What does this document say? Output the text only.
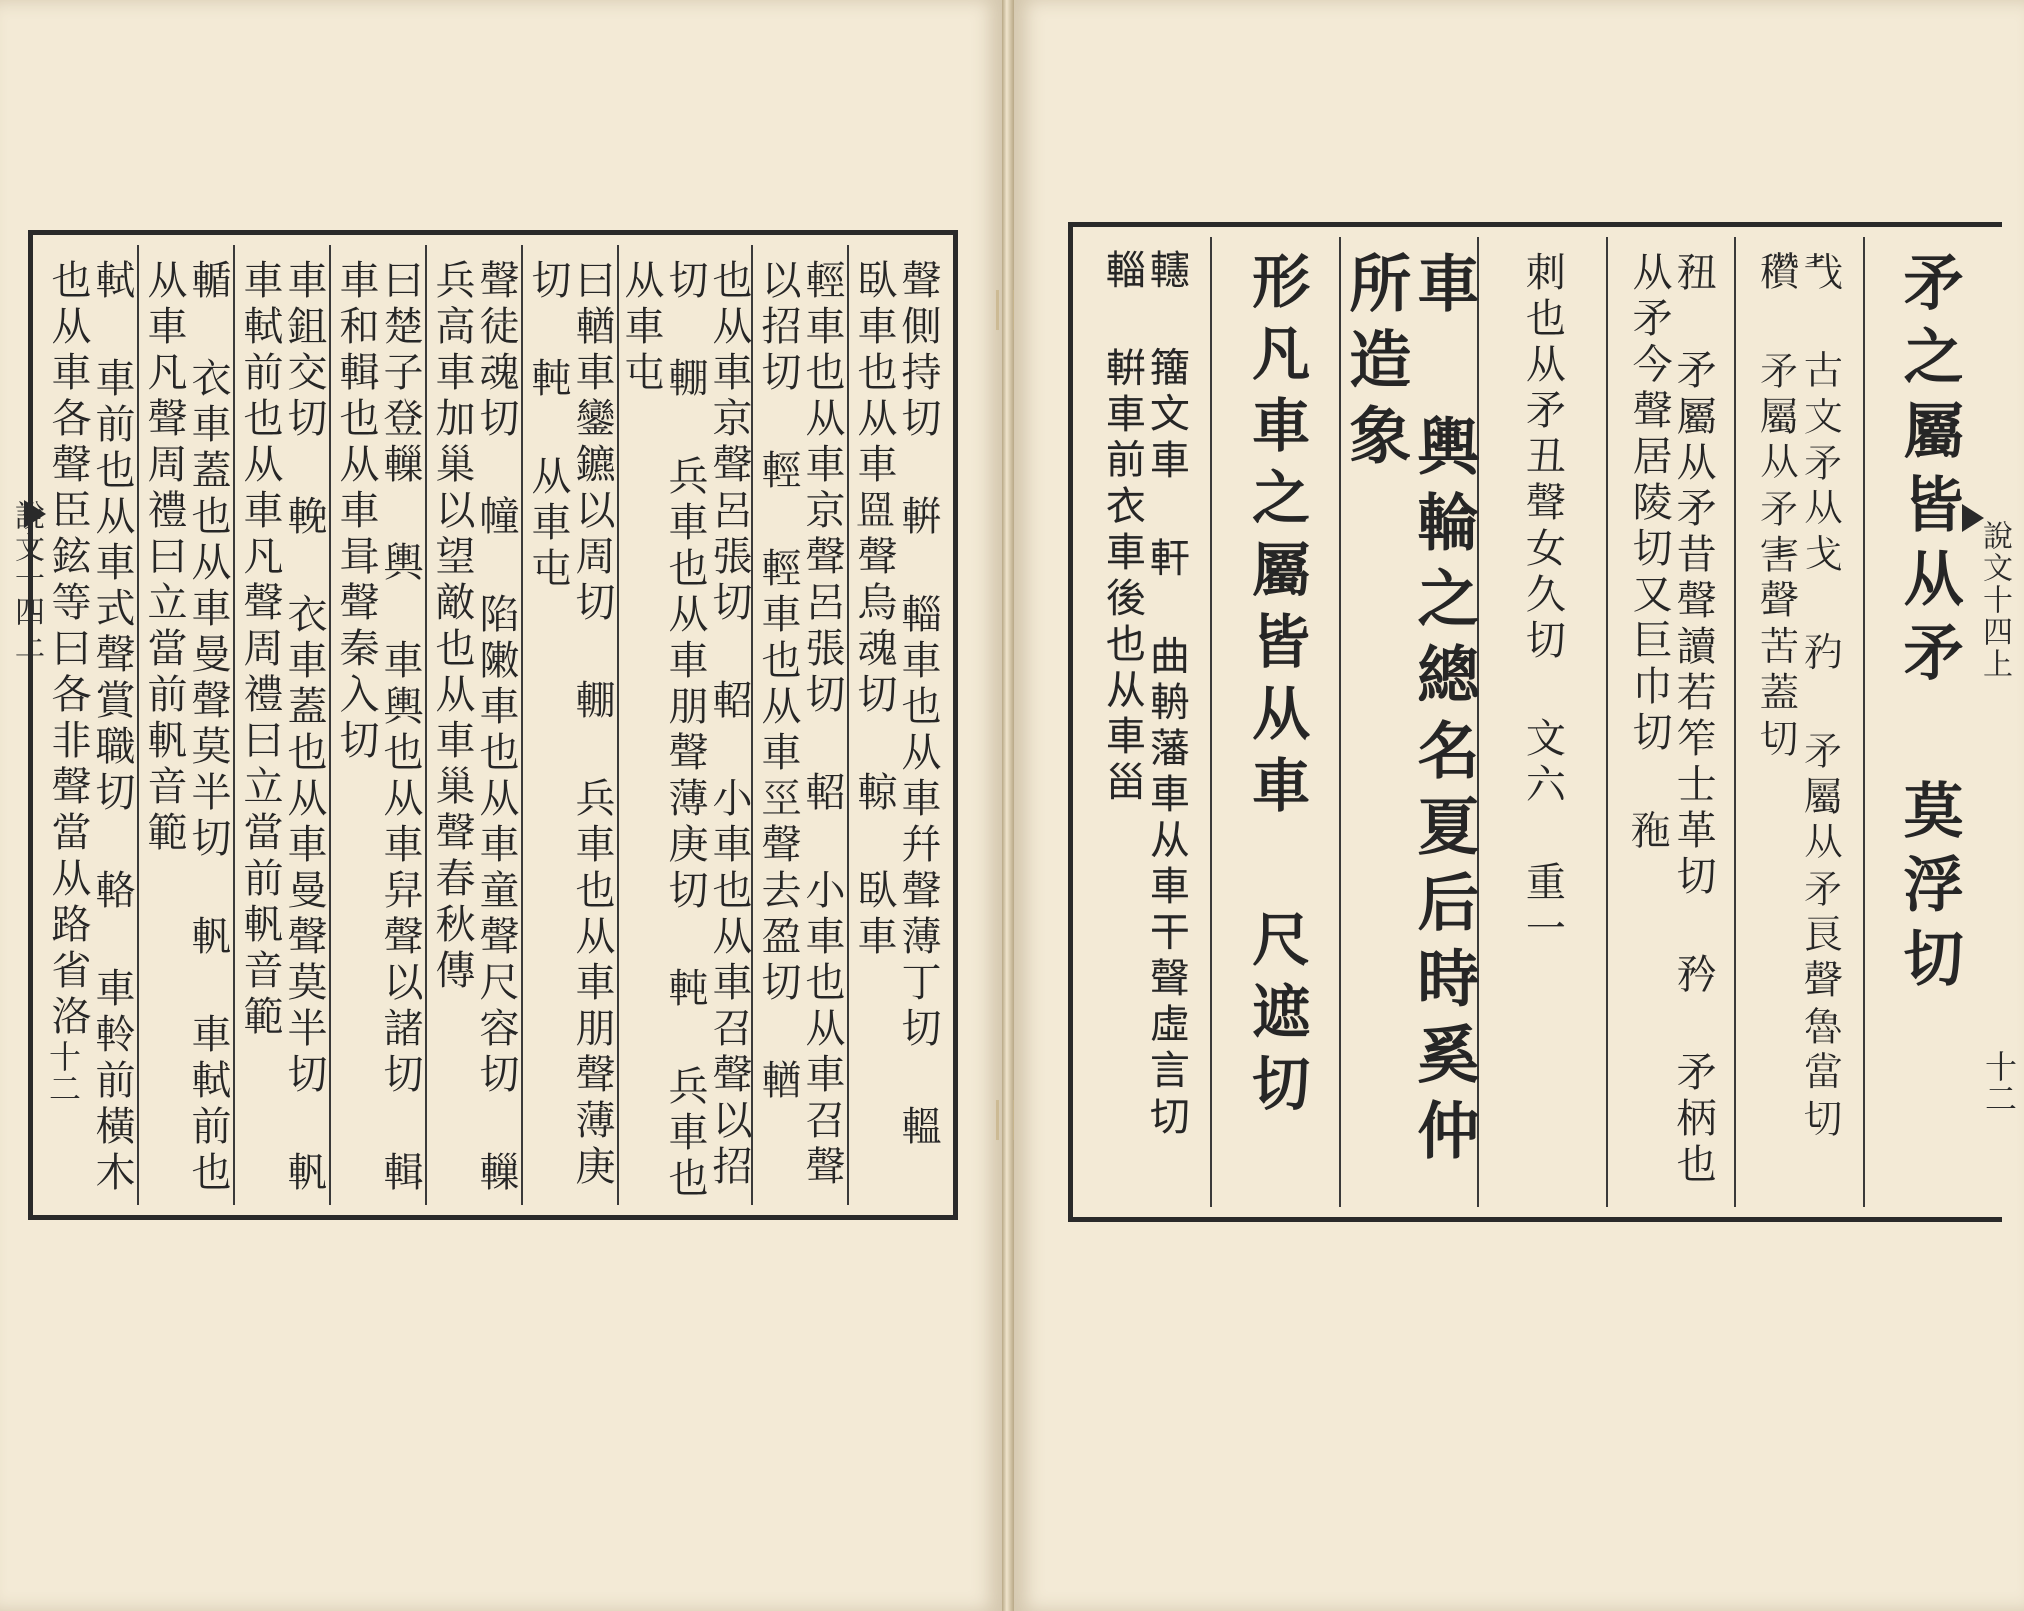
說文十四上
十二	聲側持切 輧 輜車也从車幷聲薄丁切 轀 臥車也从車𥁰聲烏魂切 輬 臥車
輕車也从車京聲呂張切 軺 小車也从車召聲以招切 輕 輕車也从車巠聲去盈切 輶
也从車京聲呂張切 軺 小車也从車召聲以招切 輣 兵車也从車朋聲薄庚切 軘 兵車也从車屯
曰輶車鑾鑣以周切 輣 兵車也从車朋聲薄庚切 軘 从車屯
聲徒魂切 幢 陷敶車也从車童聲尺容切 轈 兵高車加巢以望敵也从車巢聲春秋傳
曰楚子登轈 輿 車輿也从車舁聲以諸切 輯 車和輯也从車咠聲秦入切
車鉏交切 輓 衣車蓋也从車曼聲莫半切 軓 車軾前也从車凡聲周禮曰立當前軓音範
輴 衣車蓋也从車曼聲莫半切 軓 車軾前也从車凡聲周禮曰立當前軓音範
軾 車前也从車式聲賞職切 輅 車軨前橫木也从車各聲臣鉉等曰各非聲當从路省洛	矛之屬皆从矛 莫浮切
𢦒 古文矛从戈 䂆 矛屬从矛良聲魯當切 穳 矛屬从矛害聲苦蓋切
䂇 矛屬从矛昔聲讀若笮士革切 矜 矛柄也从矛今聲居陵切又巨巾切 𥍢
刺也从矛丑聲女久切 文六 重一
車 輿輪之總名夏后時奚仲所造象
形凡車之屬皆从車 尺遮切
𨏥 籒文車 軒 曲輈藩車从車干聲虛言切 輜 輧車前衣車後也从車甾	說文十四上
十二
